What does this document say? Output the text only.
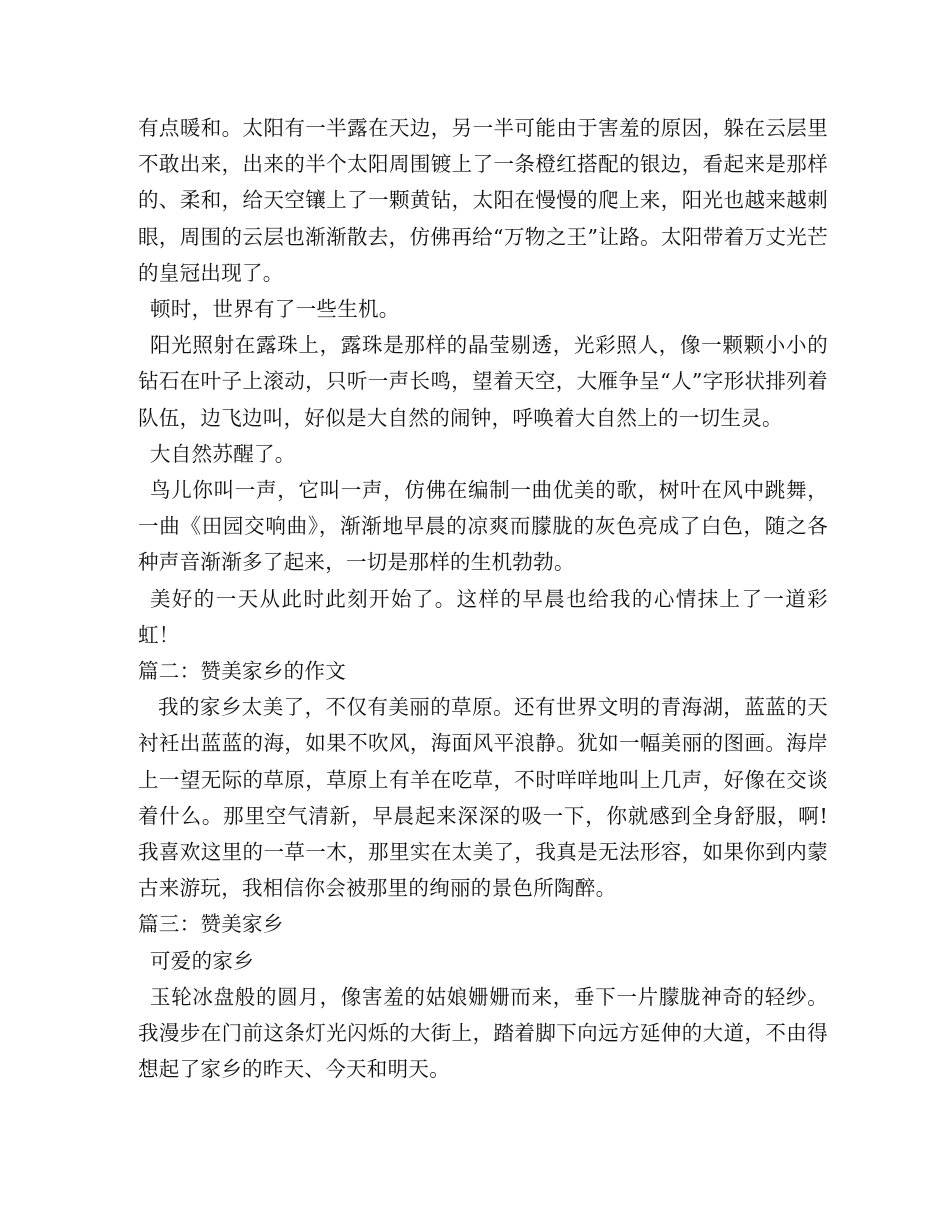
有点暖和。太阳有一半露在天边，另一半可能由于害羞的原因，躲在云层里不敢出来，出来的半个太阳周围镀上了一条橙红搭配的银边，看起来是那样的、柔和，给天空镶上了一颗黄钻，太阳在慢慢的爬上来，阳光也越来越刺眼，周围的云层也渐渐散去，仿佛再给“万物之王”让路。太阳带着万丈光芒的皇冠出现了。

顿时，世界有了一些生机。

阳光照射在露珠上，露珠是那样的晶莹剔透，光彩照人，像一颗颗小小的钻石在叶子上滚动，只听一声长鸣，望着天空，大雁争呈“人”字形状排列着队伍，边飞边叫，好似是大自然的闹钟，呼唤着大自然上的一切生灵。

大自然苏醒了。

鸟儿你叫一声，它叫一声，仿佛在编制一曲优美的歌，树叶在风中跳舞，一曲《田园交响曲》，渐渐地早晨的凉爽而朦胧的灰色亮成了白色，随之各种声音渐渐多了起来，一切是那样的生机勃勃。

美好的一天从此时此刻开始了。这样的早晨也给我的心情抹上了一道彩虹！

篇二：赞美家乡的作文

我的家乡太美了，不仅有美丽的草原。还有世界文明的青海湖，蓝蓝的天衬衽出蓝蓝的海，如果不吹风，海面风平浪静。犹如一幅美丽的图画。海岸上一望无际的草原，草原上有羊在吃草，不时咩咩地叫上几声，好像在交谈着什么。那里空气清新，早晨起来深深的吸一下，你就感到全身舒服，啊!我喜欢这里的一草一木，那里实在太美了，我真是无法形容，如果你到内蒙古来游玩，我相信你会被那里的绚丽的景色所陶醉。

篇三：赞美家乡

可爱的家乡

玉轮冰盘般的圆月，像害羞的姑娘姗姗而来，垂下一片朦胧神奇的轻纱。我漫步在门前这条灯光闪烁的大街上，踏着脚下向远方延伸的大道，不由得想起了家乡的昨天、今天和明天。
